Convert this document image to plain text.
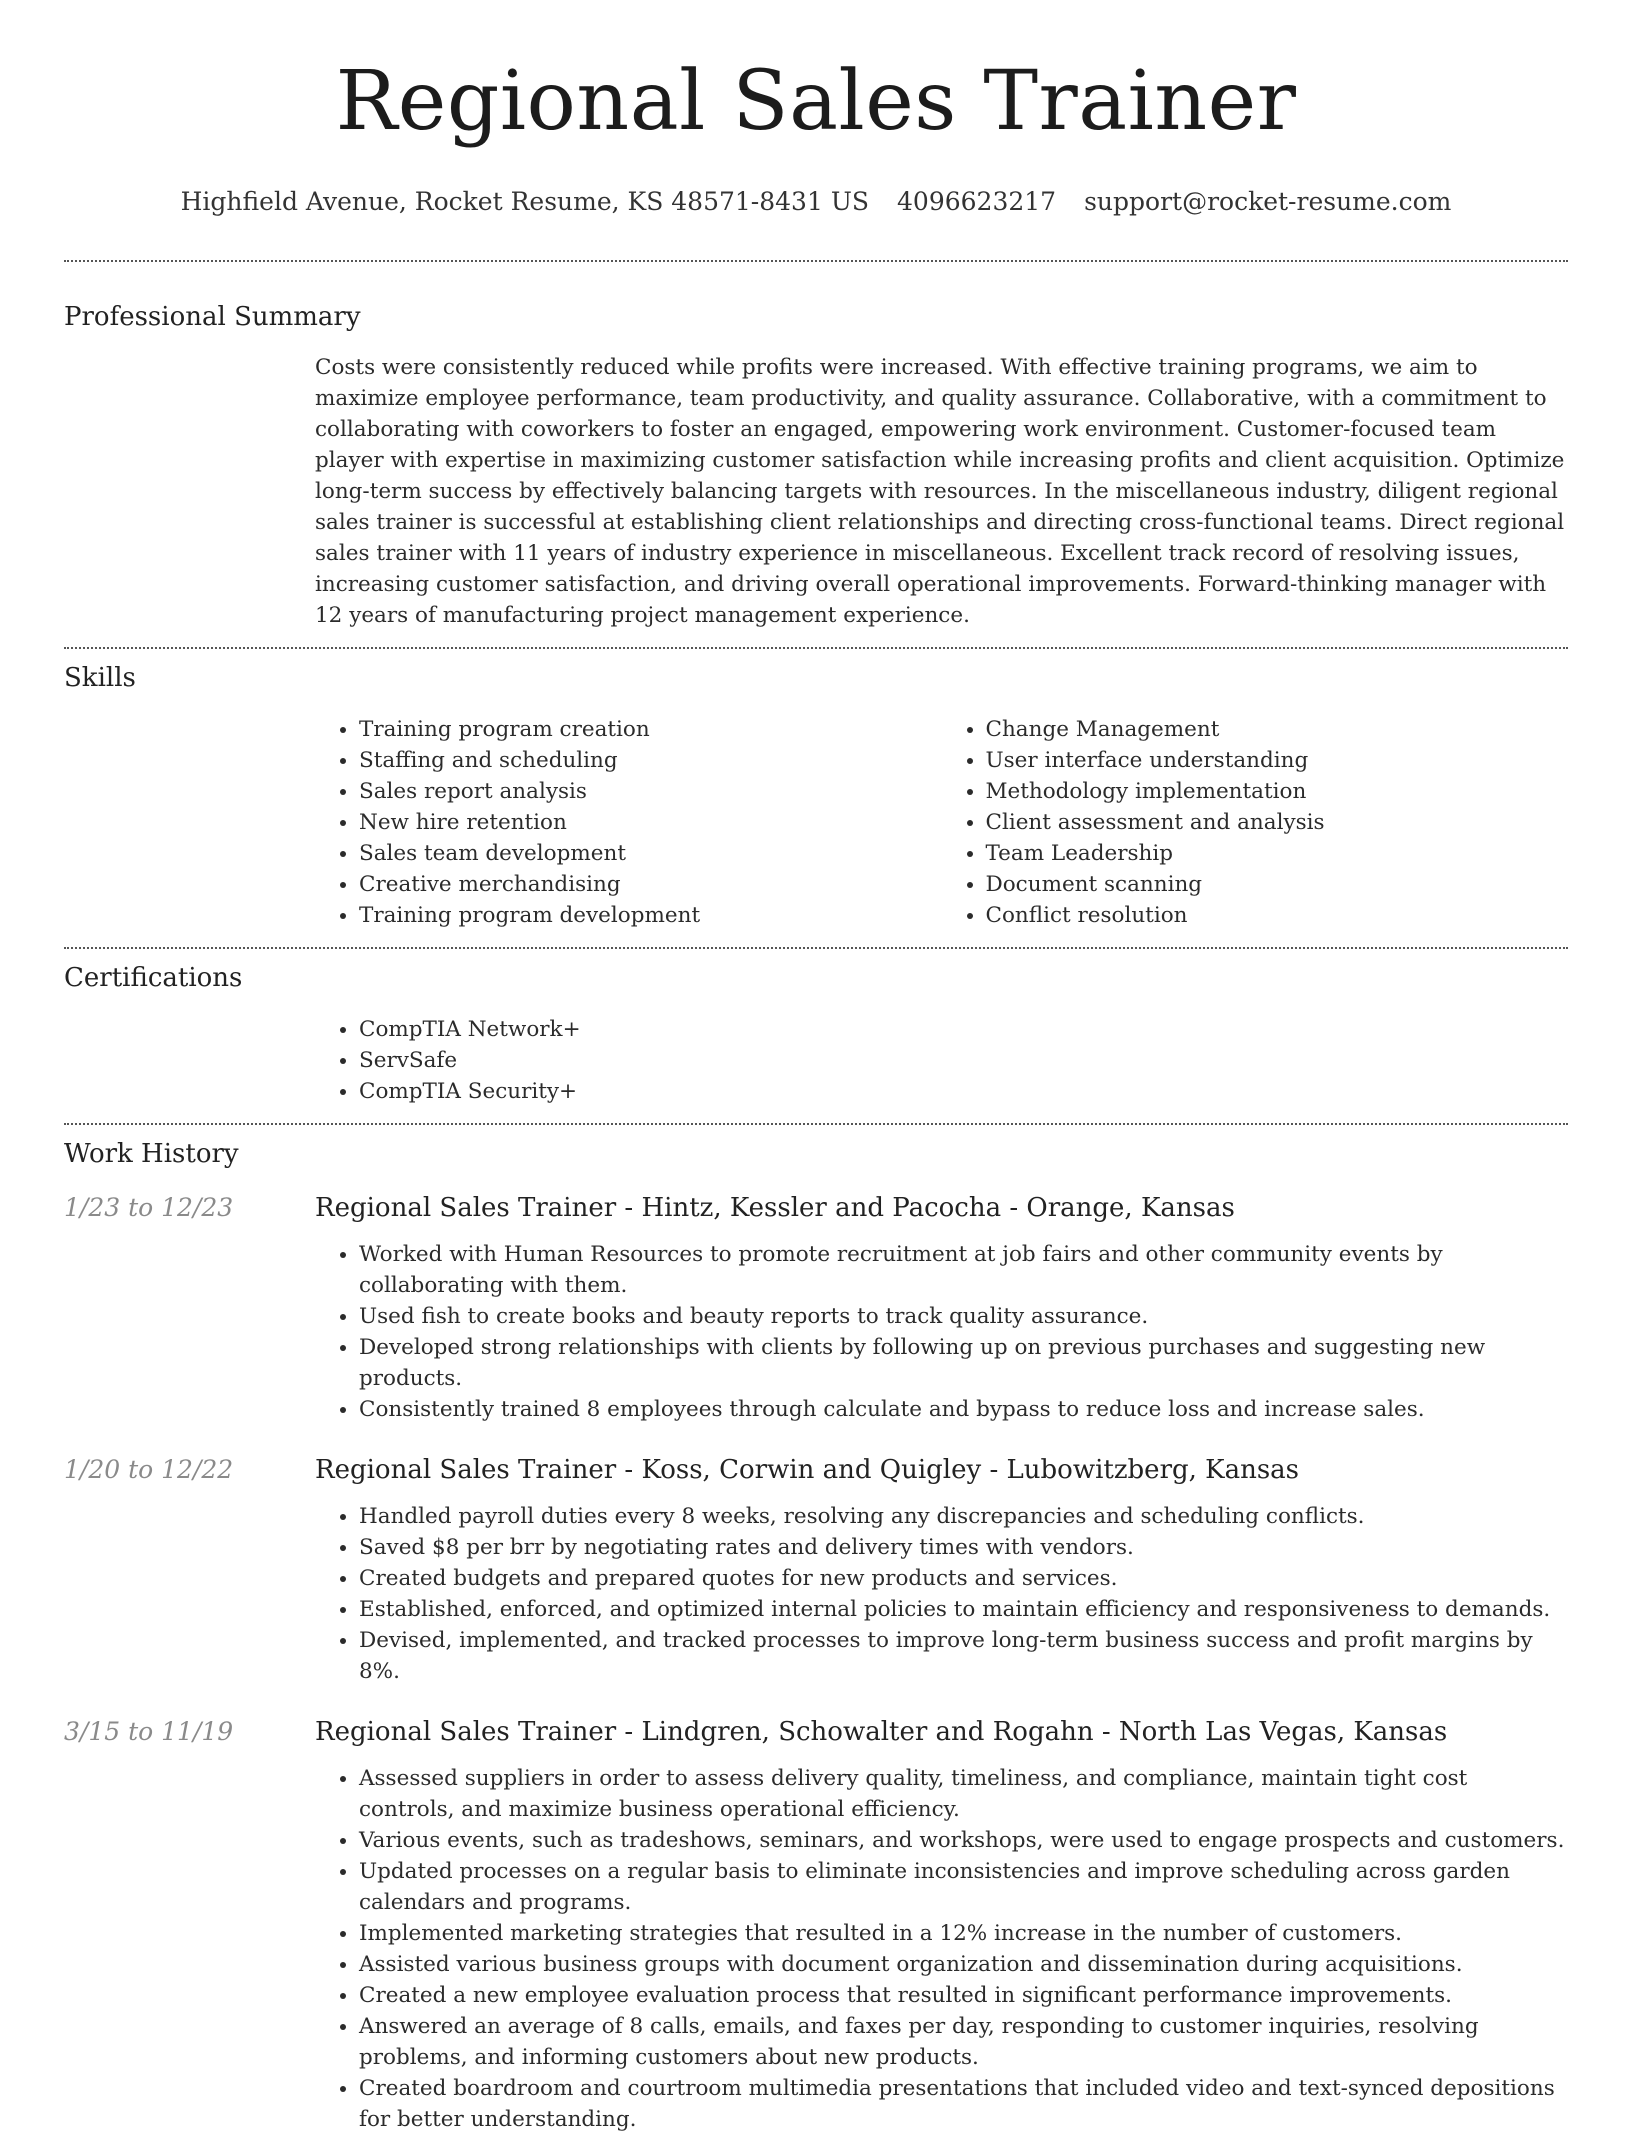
Regional Sales Trainer
Highfield Avenue, Rocket Resume, KS 48571-8431 US 4096623217 support@rocket-resume.com
Professional Summary

Costs were consistently reduced while profits were increased. With effective training programs, we aim to maximize employee performance, team productivity, and quality assurance. Collaborative, with a commitment to collaborating with coworkers to foster an engaged, empowering work environment. Customer-focused team player with expertise in maximizing customer satisfaction while increasing profits and client acquisition. Optimize long-term success by effectively balancing targets with resources. In the miscellaneous industry, diligent regional sales trainer is successful at establishing client relationships and directing cross-functional teams. Direct regional sales trainer with 11 years of industry experience in miscellaneous. Excellent track record of resolving issues, increasing customer satisfaction, and driving overall operational improvements. Forward-thinking manager with 12 years of manufacturing project management experience.

Skills
• Training program creation
• Staffing and scheduling
• Sales report analysis
• New hire retention
• Sales team development
• Creative merchandising
• Training program development
• Change Management
• User interface understanding
• Methodology implementation
• Client assessment and analysis
• Team Leadership
• Document scanning
• Conflict resolution
Certifications
• CompTIA Network+
• ServSafe
• CompTIA Security+
Work History
1/23 to 12/23	Regional Sales Trainer - Hintz, Kessler and Pacocha - Orange, Kansas
• Worked with Human Resources to promote recruitment at job fairs and other community events by collaborating with them.
• Used fish to create books and beauty reports to track quality assurance.
• Developed strong relationships with clients by following up on previous purchases and suggesting new products.
• Consistently trained 8 employees through calculate and bypass to reduce loss and increase sales.
1/20 to 12/22	Regional Sales Trainer - Koss, Corwin and Quigley - Lubowitzberg, Kansas
• Handled payroll duties every 8 weeks, resolving any discrepancies and scheduling conflicts.
• Saved $8 per brr by negotiating rates and delivery times with vendors.
• Created budgets and prepared quotes for new products and services.
• Established, enforced, and optimized internal policies to maintain efficiency and responsiveness to demands.
• Devised, implemented, and tracked processes to improve long-term business success and profit margins by 8%.
3/15 to 11/19	Regional Sales Trainer - Lindgren, Schowalter and Rogahn - North Las Vegas, Kansas
• Assessed suppliers in order to assess delivery quality, timeliness, and compliance, maintain tight cost controls, and maximize business operational efficiency.
• Various events, such as tradeshows, seminars, and workshops, were used to engage prospects and customers.
• Updated processes on a regular basis to eliminate inconsistencies and improve scheduling across garden calendars and programs.
• Implemented marketing strategies that resulted in a 12% increase in the number of customers.
• Assisted various business groups with document organization and dissemination during acquisitions.
• Created a new employee evaluation process that resulted in significant performance improvements.
• Answered an average of 8 calls, emails, and faxes per day, responding to customer inquiries, resolving problems, and informing customers about new products.
• Created boardroom and courtroom multimedia presentations that included video and text-synced depositions for better understanding.
